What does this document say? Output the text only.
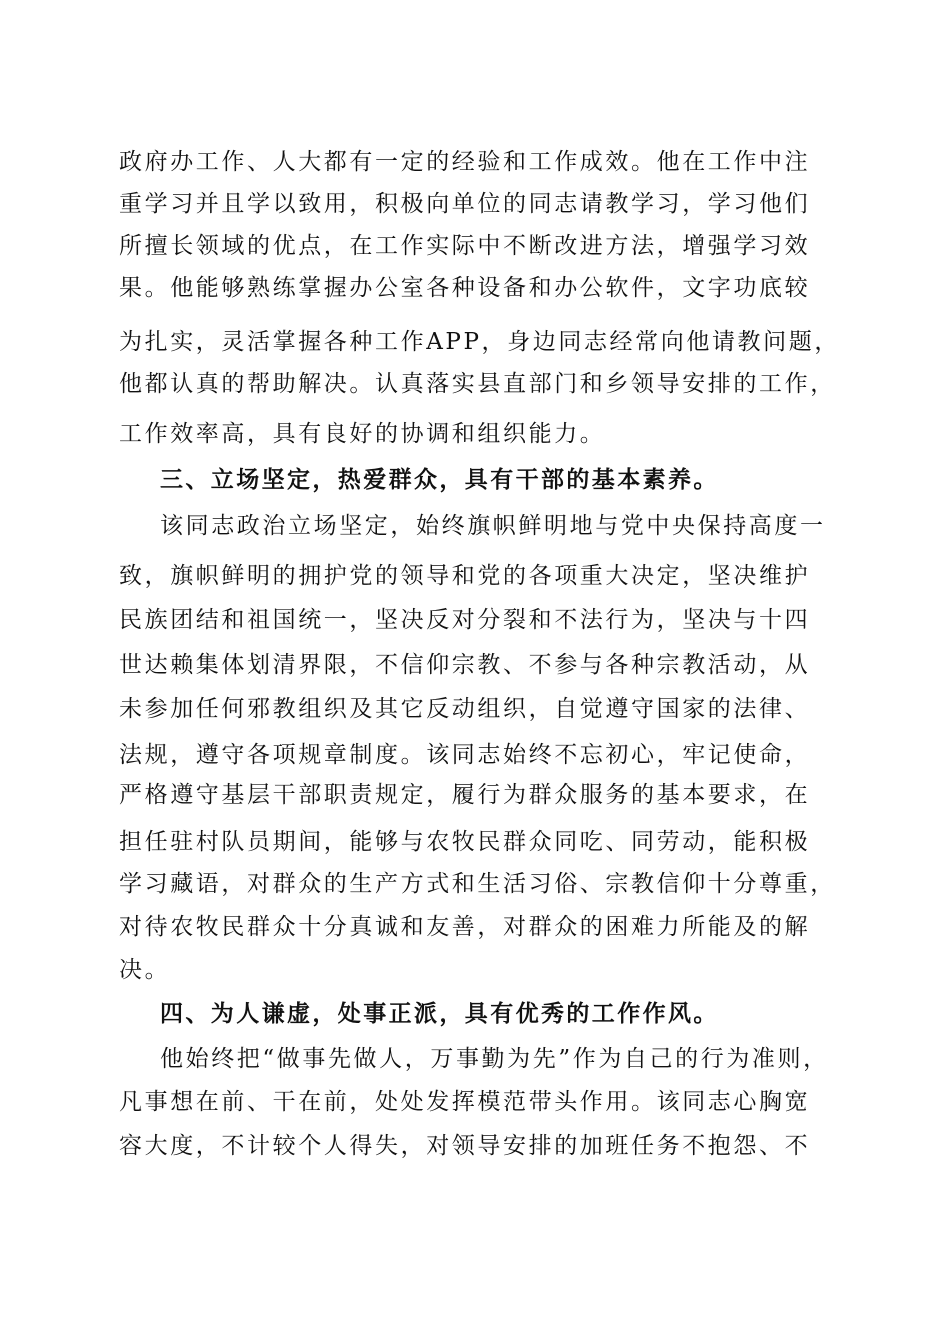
政府办工作、人大都有一定的经验和工作成效。他在工作中注
重学习并且学以致用，积极向单位的同志请教学习，学习他们
所擅长领域的优点，在工作实际中不断改进方法，增强学习效
果。他能够熟练掌握办公室各种设备和办公软件，文字功底较
为扎实，灵活掌握各种工作APP，身边同志经常向他请教问题，
他都认真的帮助解决。认真落实县直部门和乡领导安排的工作，
工作效率高，具有良好的协调和组织能力。
三、立场坚定，热爱群众，具有干部的基本素养。
该同志政治立场坚定，始终旗帜鲜明地与党中央保持高度一
致，旗帜鲜明的拥护党的领导和党的各项重大决定，坚决维护
民族团结和祖国统一，坚决反对分裂和不法行为，坚决与十四
世达赖集体划清界限，不信仰宗教、不参与各种宗教活动，从
未参加任何邪教组织及其它反动组织，自觉遵守国家的法律、
法规，遵守各项规章制度。该同志始终不忘初心，牢记使命，
严格遵守基层干部职责规定，履行为群众服务的基本要求，在
担任驻村队员期间，能够与农牧民群众同吃、同劳动，能积极
学习藏语，对群众的生产方式和生活习俗、宗教信仰十分尊重，
对待农牧民群众十分真诚和友善，对群众的困难力所能及的解
决。
四、为人谦虚，处事正派，具有优秀的工作作风。
他始终把“做事先做人，万事勤为先”作为自己的行为准则，
凡事想在前、干在前，处处发挥模范带头作用。该同志心胸宽
容大度，不计较个人得失，对领导安排的加班任务不抱怨、不
